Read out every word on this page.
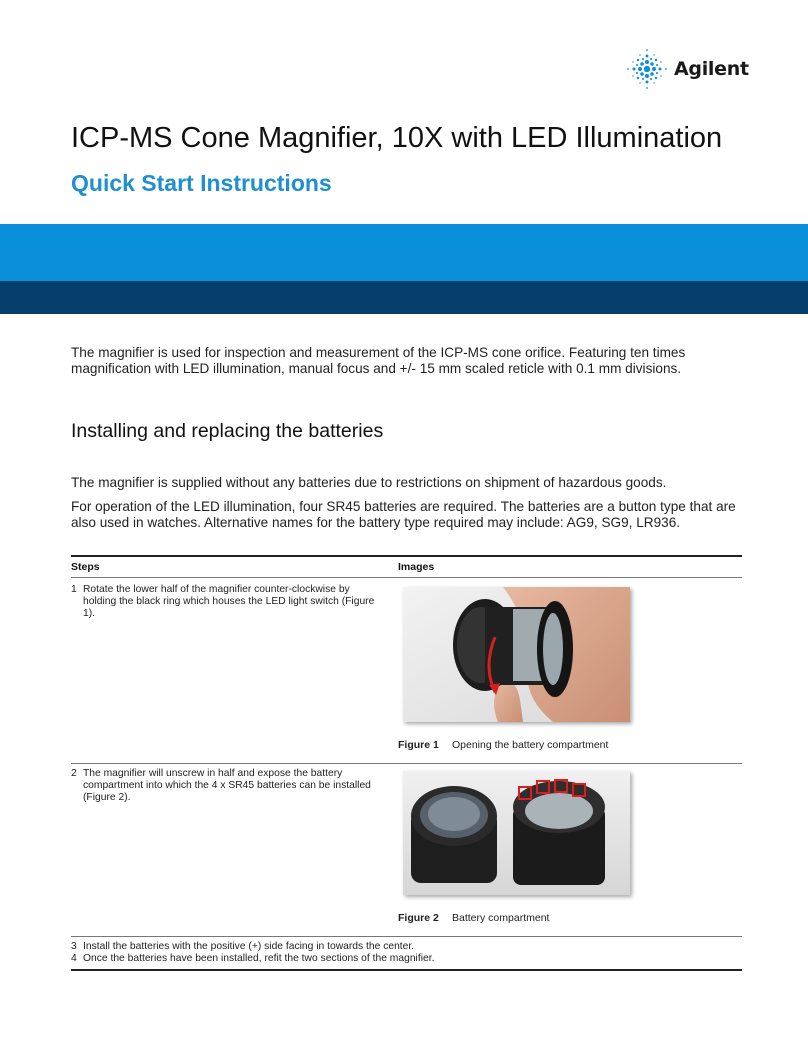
Agilent
ICP-MS Cone Magnifier, 10X with LED Illumination
Quick Start Instructions

The magnifier is used for inspection and measurement of the ICP-MS cone orifice. Featuring ten times magnification with LED illumination, manual focus and +/- 15 mm scaled reticle with 0.1 mm divisions.

Installing and replacing the batteries

The magnifier is supplied without any batteries due to restrictions on shipment of hazardous goods.

For operation of the LED illumination, four SR45 batteries are required. The batteries are a button type that are also used in watches. Alternative names for the battery type required may include: AG9, SG9, LR936.

Steps	Images
1 Rotate the lower half of the magnifier counter-clockwise by holding the black ring which houses the LED light switch (Figure 1).
Figure 1 Opening the battery compartment
2 The magnifier will unscrew in half and expose the battery compartment into which the 4 x SR45 batteries can be installed (Figure 2).
Figure 2 Battery compartment
3 Install the batteries with the positive (+) side facing in towards the center.
4 Once the batteries have been installed, refit the two sections of the magnifier.
